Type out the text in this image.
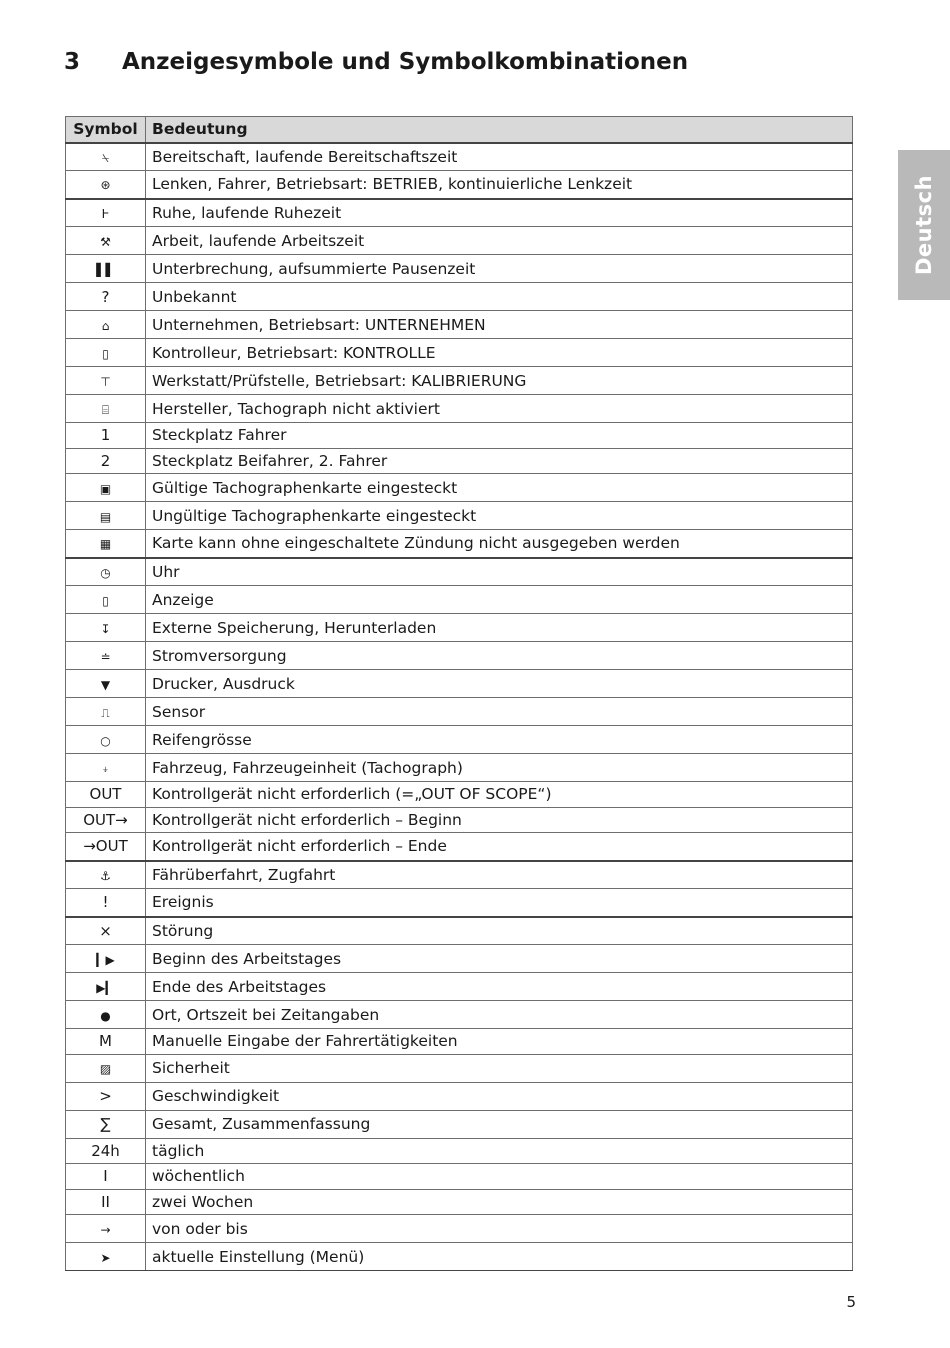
3	Anzeigesymbole und Symbolkombinationen
Deutsch
Symbol	Bedeutung
⍀	Bereitschaft, laufende Bereitschaftszeit
⊛	Lenken, Fahrer, Betriebsart: BETRIEB, kontinuierliche Lenkzeit
Ⱶ	Ruhe, laufende Ruhezeit
⚒	Arbeit, laufende Arbeitszeit
▌▌	Unterbrechung, aufsummierte Pausenzeit
?	Unbekannt
⌂	Unternehmen, Betriebsart: UNTERNEHMEN
▯	Kontrolleur, Betriebsart: KONTROLLE
⊤	Werkstatt/Prüfstelle, Betriebsart: KALIBRIERUNG
⌸	Hersteller, Tachograph nicht aktiviert
1	Steckplatz Fahrer
2	Steckplatz Beifahrer, 2. Fahrer
▣	Gültige Tachographenkarte eingesteckt
▤	Ungültige Tachographenkarte eingesteckt
▦	Karte kann ohne eingeschaltete Zündung nicht ausgegeben werden
◷	Uhr
▯	Anzeige
↧	Externe Speicherung, Herunterladen
≐	Stromversorgung
▼	Drucker, Ausdruck
⎍	Sensor
○	Reifengrösse
⍖	Fahrzeug, Fahrzeugeinheit (Tachograph)
OUT	Kontrollgerät nicht erforderlich (=„OUT OF SCOPE“)
OUT→	Kontrollgerät nicht erforderlich – Beginn
→OUT	Kontrollgerät nicht erforderlich – Ende
⚓	Fährüberfahrt, Zugfahrt
!	Ereignis
×	Störung
▎▶	Beginn des Arbeitstages
▶▎	Ende des Arbeitstages
●	Ort, Ortszeit bei Zeitangaben
M	Manuelle Eingabe der Fahrertätigkeiten
▨	Sicherheit
>	Geschwindigkeit
∑	Gesamt, Zusammenfassung
24h	täglich
I	wöchentlich
II	zwei Wochen
→	von oder bis
➤	aktuelle Einstellung (Menü)
5
